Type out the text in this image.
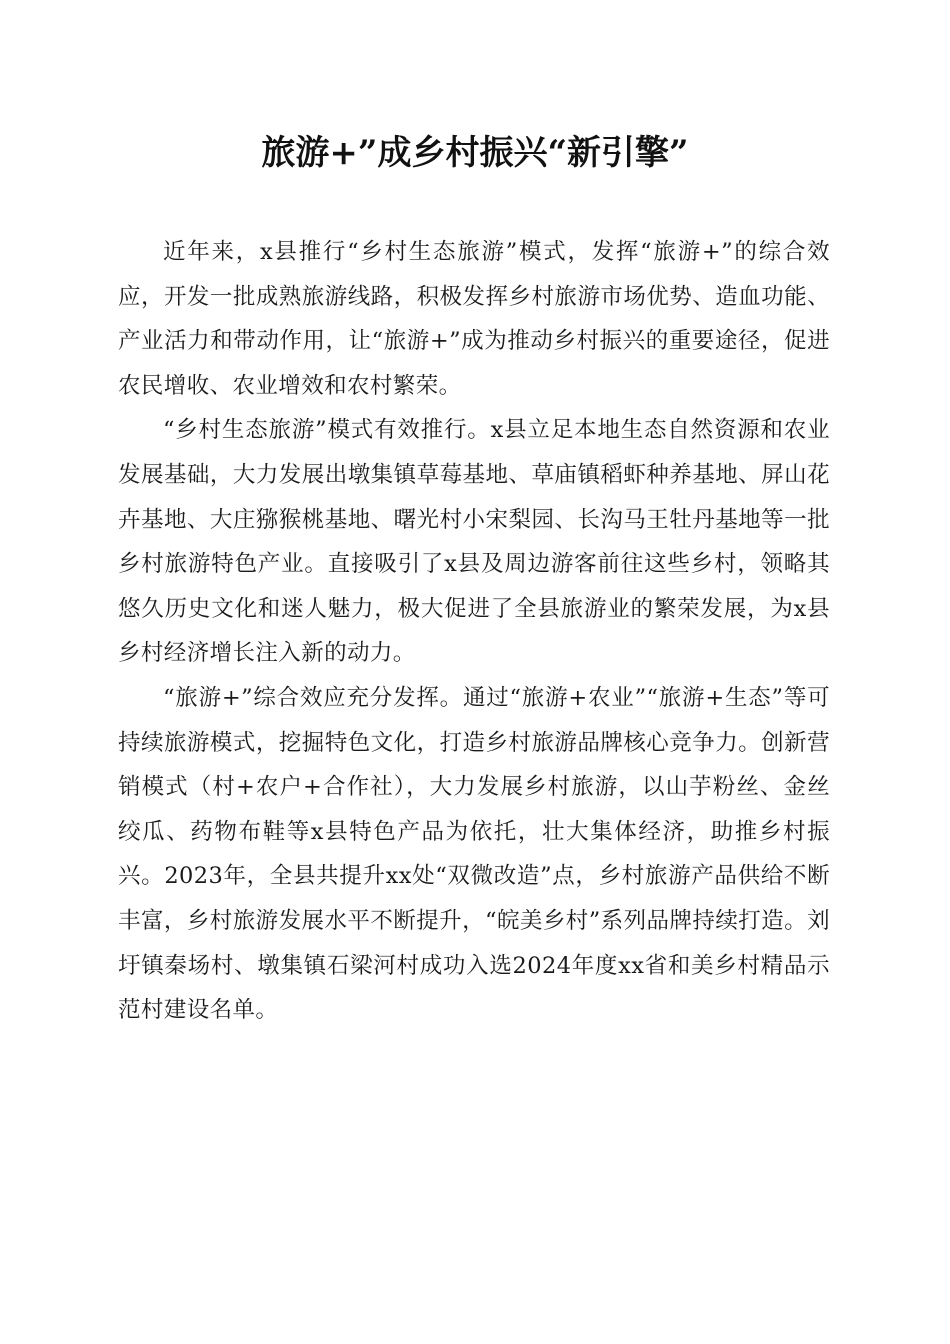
旅游+”成乡村振兴“新引擎”

近年来，x县推行“乡村生态旅游”模式，发挥“旅游+”的综合效应，开发一批成熟旅游线路，积极发挥乡村旅游市场优势、造血功能、产业活力和带动作用，让“旅游+”成为推动乡村振兴的重要途径，促进农民增收、农业增效和农村繁荣。

“乡村生态旅游”模式有效推行。x县立足本地生态自然资源和农业发展基础，大力发展出墩集镇草莓基地、草庙镇稻虾种养基地、屏山花卉基地、大庄猕猴桃基地、曙光村小宋梨园、长沟马王牡丹基地等一批乡村旅游特色产业。直接吸引了x县及周边游客前往这些乡村，领略其悠久历史文化和迷人魅力，极大促进了全县旅游业的繁荣发展，为x县乡村经济增长注入新的动力。

“旅游+”综合效应充分发挥。通过“旅游+农业”“旅游+生态”等可持续旅游模式，挖掘特色文化，打造乡村旅游品牌核心竞争力。创新营销模式（村+农户+合作社），大力发展乡村旅游，以山芋粉丝、金丝绞瓜、药物布鞋等x县特色产品为依托，壮大集体经济，助推乡村振兴。2023年，全县共提升xx处“双微改造”点，乡村旅游产品供给不断丰富，乡村旅游发展水平不断提升，“皖美乡村”系列品牌持续打造。刘圩镇秦场村、墩集镇石梁河村成功入选2024年度xx省和美乡村精品示范村建设名单。
